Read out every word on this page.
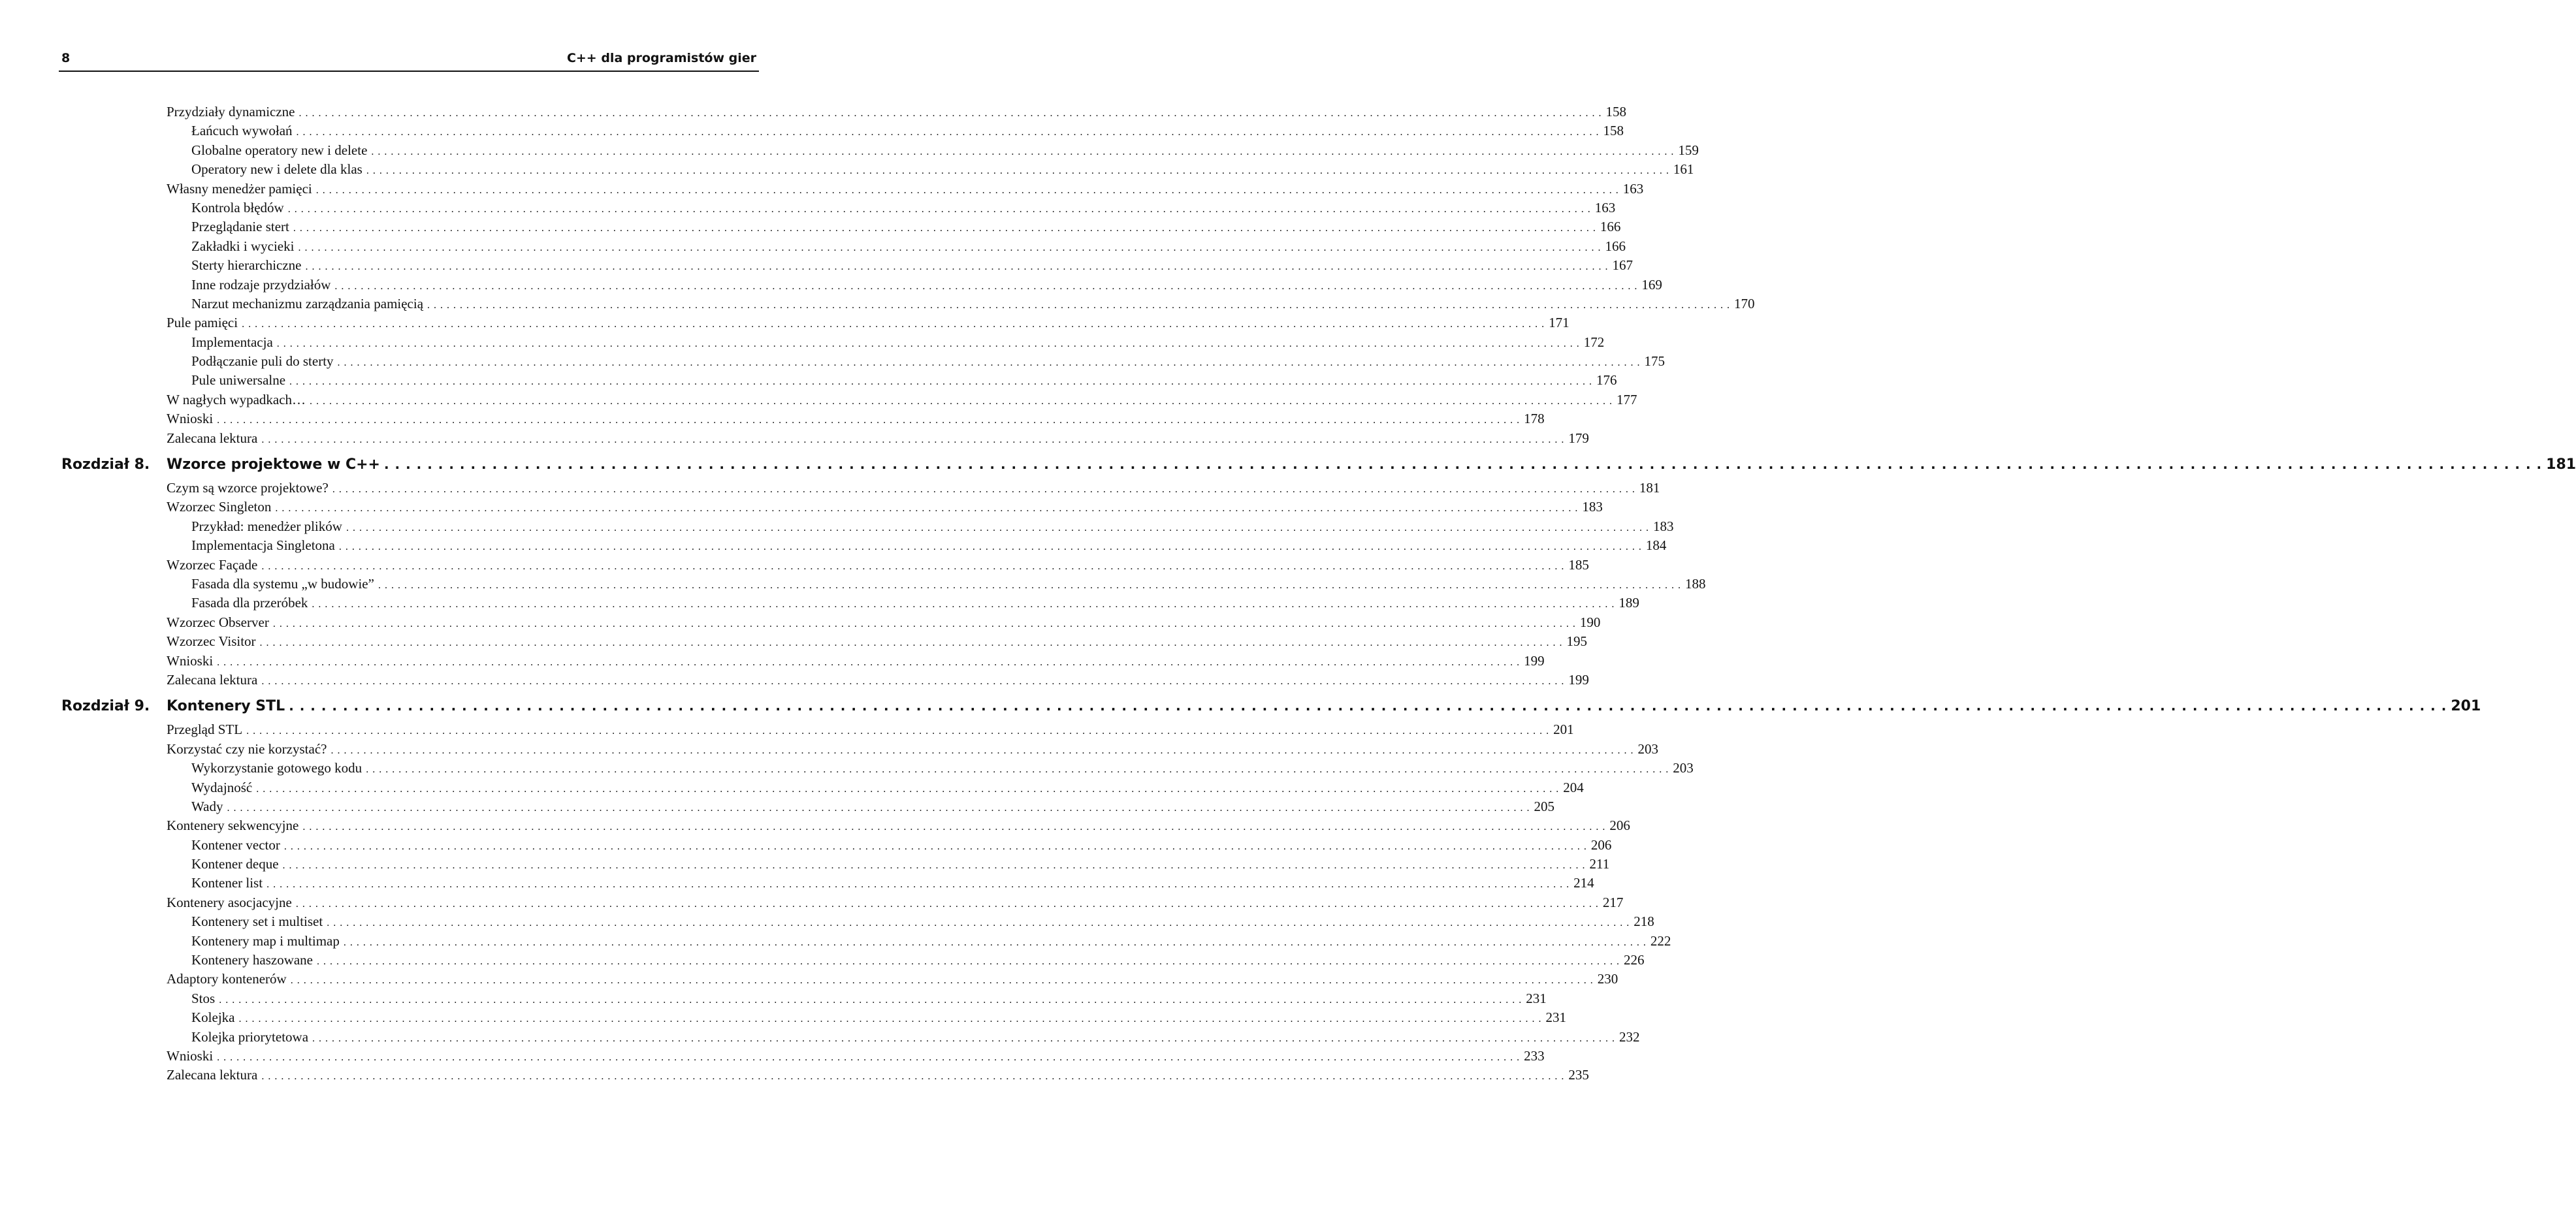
8	C++ dla programistów gier
Przydziały dynamiczne . . . . . . . . . . . . . . . . . . . . . . . . . . . . . . . . . . . . . . . . . . . . . . . . . . . . . . . . . . . . . . . . . . . . . . . . . . . . . . . . . . . . . . . . . . . . . . . . . . . . . . . . . . . . . . . . . . . . . . . . . . . . . . . . . . . . . . . . . . . . . . . . . . . . . . . . . . . . . . . . . . . . . . . . . . . . . . . . . . . . . . . . . . . . . . . . . . . . . . . . 158
Łańcuch wywołań . . . . . . . . . . . . . . . . . . . . . . . . . . . . . . . . . . . . . . . . . . . . . . . . . . . . . . . . . . . . . . . . . . . . . . . . . . . . . . . . . . . . . . . . . . . . . . . . . . . . . . . . . . . . . . . . . . . . . . . . . . . . . . . . . . . . . . . . . . . . . . . . . . . . . . . . . . . . . . . . . . . . . . . . . . . . . . . . . . . . . . . . . . . . . . . . . . . . . . . . 158
Globalne operatory new i delete . . . . . . . . . . . . . . . . . . . . . . . . . . . . . . . . . . . . . . . . . . . . . . . . . . . . . . . . . . . . . . . . . . . . . . . . . . . . . . . . . . . . . . . . . . . . . . . . . . . . . . . . . . . . . . . . . . . . . . . . . . . . . . . . . . . . . . . . . . . . . . . . . . . . . . . . . . . . . . . . . . . . . . . . . . . . . . . . . . . . . . . . . . . . . . . . . . . . . . . . 159
Operatory new i delete dla klas . . . . . . . . . . . . . . . . . . . . . . . . . . . . . . . . . . . . . . . . . . . . . . . . . . . . . . . . . . . . . . . . . . . . . . . . . . . . . . . . . . . . . . . . . . . . . . . . . . . . . . . . . . . . . . . . . . . . . . . . . . . . . . . . . . . . . . . . . . . . . . . . . . . . . . . . . . . . . . . . . . . . . . . . . . . . . . . . . . . . . . . . . . . . . . . . . . . . . . . . 161
Własny menedżer pamięci . . . . . . . . . . . . . . . . . . . . . . . . . . . . . . . . . . . . . . . . . . . . . . . . . . . . . . . . . . . . . . . . . . . . . . . . . . . . . . . . . . . . . . . . . . . . . . . . . . . . . . . . . . . . . . . . . . . . . . . . . . . . . . . . . . . . . . . . . . . . . . . . . . . . . . . . . . . . . . . . . . . . . . . . . . . . . . . . . . . . . . . . . . . . . . . . . . . . . . . . 163
Kontrola błędów . . . . . . . . . . . . . . . . . . . . . . . . . . . . . . . . . . . . . . . . . . . . . . . . . . . . . . . . . . . . . . . . . . . . . . . . . . . . . . . . . . . . . . . . . . . . . . . . . . . . . . . . . . . . . . . . . . . . . . . . . . . . . . . . . . . . . . . . . . . . . . . . . . . . . . . . . . . . . . . . . . . . . . . . . . . . . . . . . . . . . . . . . . . . . . . . . . . . . . . . 163
Przeglądanie stert . . . . . . . . . . . . . . . . . . . . . . . . . . . . . . . . . . . . . . . . . . . . . . . . . . . . . . . . . . . . . . . . . . . . . . . . . . . . . . . . . . . . . . . . . . . . . . . . . . . . . . . . . . . . . . . . . . . . . . . . . . . . . . . . . . . . . . . . . . . . . . . . . . . . . . . . . . . . . . . . . . . . . . . . . . . . . . . . . . . . . . . . . . . . . . . . . . . . . . . . 166
Zakładki i wycieki . . . . . . . . . . . . . . . . . . . . . . . . . . . . . . . . . . . . . . . . . . . . . . . . . . . . . . . . . . . . . . . . . . . . . . . . . . . . . . . . . . . . . . . . . . . . . . . . . . . . . . . . . . . . . . . . . . . . . . . . . . . . . . . . . . . . . . . . . . . . . . . . . . . . . . . . . . . . . . . . . . . . . . . . . . . . . . . . . . . . . . . . . . . . . . . . . . . . . . . . 166
Sterty hierarchiczne . . . . . . . . . . . . . . . . . . . . . . . . . . . . . . . . . . . . . . . . . . . . . . . . . . . . . . . . . . . . . . . . . . . . . . . . . . . . . . . . . . . . . . . . . . . . . . . . . . . . . . . . . . . . . . . . . . . . . . . . . . . . . . . . . . . . . . . . . . . . . . . . . . . . . . . . . . . . . . . . . . . . . . . . . . . . . . . . . . . . . . . . . . . . . . . . . . . . . . . . 167
Inne rodzaje przydziałów . . . . . . . . . . . . . . . . . . . . . . . . . . . . . . . . . . . . . . . . . . . . . . . . . . . . . . . . . . . . . . . . . . . . . . . . . . . . . . . . . . . . . . . . . . . . . . . . . . . . . . . . . . . . . . . . . . . . . . . . . . . . . . . . . . . . . . . . . . . . . . . . . . . . . . . . . . . . . . . . . . . . . . . . . . . . . . . . . . . . . . . . . . . . . . . . . . . . . . . . 169
Narzut mechanizmu zarządzania pamięcią . . . . . . . . . . . . . . . . . . . . . . . . . . . . . . . . . . . . . . . . . . . . . . . . . . . . . . . . . . . . . . . . . . . . . . . . . . . . . . . . . . . . . . . . . . . . . . . . . . . . . . . . . . . . . . . . . . . . . . . . . . . . . . . . . . . . . . . . . . . . . . . . . . . . . . . . . . . . . . . . . . . . . . . . . . . . . . . . . . . . . . . . . . . . . . . . . . . . . . . . 170
Pule pamięci . . . . . . . . . . . . . . . . . . . . . . . . . . . . . . . . . . . . . . . . . . . . . . . . . . . . . . . . . . . . . . . . . . . . . . . . . . . . . . . . . . . . . . . . . . . . . . . . . . . . . . . . . . . . . . . . . . . . . . . . . . . . . . . . . . . . . . . . . . . . . . . . . . . . . . . . . . . . . . . . . . . . . . . . . . . . . . . . . . . . . . . . . . . . . . . . . . . . . . . . 171
Implementacja . . . . . . . . . . . . . . . . . . . . . . . . . . . . . . . . . . . . . . . . . . . . . . . . . . . . . . . . . . . . . . . . . . . . . . . . . . . . . . . . . . . . . . . . . . . . . . . . . . . . . . . . . . . . . . . . . . . . . . . . . . . . . . . . . . . . . . . . . . . . . . . . . . . . . . . . . . . . . . . . . . . . . . . . . . . . . . . . . . . . . . . . . . . . . . . . . . . . . . . . 172
Podłączanie puli do sterty . . . . . . . . . . . . . . . . . . . . . . . . . . . . . . . . . . . . . . . . . . . . . . . . . . . . . . . . . . . . . . . . . . . . . . . . . . . . . . . . . . . . . . . . . . . . . . . . . . . . . . . . . . . . . . . . . . . . . . . . . . . . . . . . . . . . . . . . . . . . . . . . . . . . . . . . . . . . . . . . . . . . . . . . . . . . . . . . . . . . . . . . . . . . . . . . . . . . . . . . 175
Pule uniwersalne . . . . . . . . . . . . . . . . . . . . . . . . . . . . . . . . . . . . . . . . . . . . . . . . . . . . . . . . . . . . . . . . . . . . . . . . . . . . . . . . . . . . . . . . . . . . . . . . . . . . . . . . . . . . . . . . . . . . . . . . . . . . . . . . . . . . . . . . . . . . . . . . . . . . . . . . . . . . . . . . . . . . . . . . . . . . . . . . . . . . . . . . . . . . . . . . . . . . . . . . 176
W nagłych wypadkach… . . . . . . . . . . . . . . . . . . . . . . . . . . . . . . . . . . . . . . . . . . . . . . . . . . . . . . . . . . . . . . . . . . . . . . . . . . . . . . . . . . . . . . . . . . . . . . . . . . . . . . . . . . . . . . . . . . . . . . . . . . . . . . . . . . . . . . . . . . . . . . . . . . . . . . . . . . . . . . . . . . . . . . . . . . . . . . . . . . . . . . . . . . . . . . . . . . . . . . . . 177
Wnioski . . . . . . . . . . . . . . . . . . . . . . . . . . . . . . . . . . . . . . . . . . . . . . . . . . . . . . . . . . . . . . . . . . . . . . . . . . . . . . . . . . . . . . . . . . . . . . . . . . . . . . . . . . . . . . . . . . . . . . . . . . . . . . . . . . . . . . . . . . . . . . . . . . . . . . . . . . . . . . . . . . . . . . . . . . . . . . . . . . . . . . . . . . . . . . . . . . . . . . . . 178
Zalecana lektura . . . . . . . . . . . . . . . . . . . . . . . . . . . . . . . . . . . . . . . . . . . . . . . . . . . . . . . . . . . . . . . . . . . . . . . . . . . . . . . . . . . . . . . . . . . . . . . . . . . . . . . . . . . . . . . . . . . . . . . . . . . . . . . . . . . . . . . . . . . . . . . . . . . . . . . . . . . . . . . . . . . . . . . . . . . . . . . . . . . . . . . . . . . . . . . . . . . . . . . . 179
Rozdział 8. Wzorce projektowe w C++ . . . . . . . . . . . . . . . . . . . . . . . . . . . . . . . . . . . . . . . . . . . . . . . . . . . . . . . . . . . . . . . . . . . . . . . . . . . . . . . . . . . . . . . . . . . . . . . . . . . . . . . . . . . . . . . . . . . . . . . . . . . . . . . . . . . . . . . . . . . . . . . . . . . . . . . . . . . . . . . . . . . . . . . . . . . . . . . . . . . . . . . . . . . . . . . . . . . . . . . . 181
Czym są wzorce projektowe? . . . . . . . . . . . . . . . . . . . . . . . . . . . . . . . . . . . . . . . . . . . . . . . . . . . . . . . . . . . . . . . . . . . . . . . . . . . . . . . . . . . . . . . . . . . . . . . . . . . . . . . . . . . . . . . . . . . . . . . . . . . . . . . . . . . . . . . . . . . . . . . . . . . . . . . . . . . . . . . . . . . . . . . . . . . . . . . . . . . . . . . . . . . . . . . . . . . . . . . . 181
Wzorzec Singleton . . . . . . . . . . . . . . . . . . . . . . . . . . . . . . . . . . . . . . . . . . . . . . . . . . . . . . . . . . . . . . . . . . . . . . . . . . . . . . . . . . . . . . . . . . . . . . . . . . . . . . . . . . . . . . . . . . . . . . . . . . . . . . . . . . . . . . . . . . . . . . . . . . . . . . . . . . . . . . . . . . . . . . . . . . . . . . . . . . . . . . . . . . . . . . . . . . . . . . . . 183
Przykład: menedżer plików . . . . . . . . . . . . . . . . . . . . . . . . . . . . . . . . . . . . . . . . . . . . . . . . . . . . . . . . . . . . . . . . . . . . . . . . . . . . . . . . . . . . . . . . . . . . . . . . . . . . . . . . . . . . . . . . . . . . . . . . . . . . . . . . . . . . . . . . . . . . . . . . . . . . . . . . . . . . . . . . . . . . . . . . . . . . . . . . . . . . . . . . . . . . . . . . . . . . . . . . 183
Implementacja Singletona . . . . . . . . . . . . . . . . . . . . . . . . . . . . . . . . . . . . . . . . . . . . . . . . . . . . . . . . . . . . . . . . . . . . . . . . . . . . . . . . . . . . . . . . . . . . . . . . . . . . . . . . . . . . . . . . . . . . . . . . . . . . . . . . . . . . . . . . . . . . . . . . . . . . . . . . . . . . . . . . . . . . . . . . . . . . . . . . . . . . . . . . . . . . . . . . . . . . . . . . 184
Wzorzec Façade . . . . . . . . . . . . . . . . . . . . . . . . . . . . . . . . . . . . . . . . . . . . . . . . . . . . . . . . . . . . . . . . . . . . . . . . . . . . . . . . . . . . . . . . . . . . . . . . . . . . . . . . . . . . . . . . . . . . . . . . . . . . . . . . . . . . . . . . . . . . . . . . . . . . . . . . . . . . . . . . . . . . . . . . . . . . . . . . . . . . . . . . . . . . . . . . . . . . . . . . 185
Fasada dla systemu „w budowie” . . . . . . . . . . . . . . . . . . . . . . . . . . . . . . . . . . . . . . . . . . . . . . . . . . . . . . . . . . . . . . . . . . . . . . . . . . . . . . . . . . . . . . . . . . . . . . . . . . . . . . . . . . . . . . . . . . . . . . . . . . . . . . . . . . . . . . . . . . . . . . . . . . . . . . . . . . . . . . . . . . . . . . . . . . . . . . . . . . . . . . . . . . . . . . . . . . . . . . . . 188
Fasada dla przeróbek . . . . . . . . . . . . . . . . . . . . . . . . . . . . . . . . . . . . . . . . . . . . . . . . . . . . . . . . . . . . . . . . . . . . . . . . . . . . . . . . . . . . . . . . . . . . . . . . . . . . . . . . . . . . . . . . . . . . . . . . . . . . . . . . . . . . . . . . . . . . . . . . . . . . . . . . . . . . . . . . . . . . . . . . . . . . . . . . . . . . . . . . . . . . . . . . . . . . . . . . 189
Wzorzec Observer . . . . . . . . . . . . . . . . . . . . . . . . . . . . . . . . . . . . . . . . . . . . . . . . . . . . . . . . . . . . . . . . . . . . . . . . . . . . . . . . . . . . . . . . . . . . . . . . . . . . . . . . . . . . . . . . . . . . . . . . . . . . . . . . . . . . . . . . . . . . . . . . . . . . . . . . . . . . . . . . . . . . . . . . . . . . . . . . . . . . . . . . . . . . . . . . . . . . . . . . 190
Wzorzec Visitor . . . . . . . . . . . . . . . . . . . . . . . . . . . . . . . . . . . . . . . . . . . . . . . . . . . . . . . . . . . . . . . . . . . . . . . . . . . . . . . . . . . . . . . . . . . . . . . . . . . . . . . . . . . . . . . . . . . . . . . . . . . . . . . . . . . . . . . . . . . . . . . . . . . . . . . . . . . . . . . . . . . . . . . . . . . . . . . . . . . . . . . . . . . . . . . . . . . . . . . . 195
Wnioski . . . . . . . . . . . . . . . . . . . . . . . . . . . . . . . . . . . . . . . . . . . . . . . . . . . . . . . . . . . . . . . . . . . . . . . . . . . . . . . . . . . . . . . . . . . . . . . . . . . . . . . . . . . . . . . . . . . . . . . . . . . . . . . . . . . . . . . . . . . . . . . . . . . . . . . . . . . . . . . . . . . . . . . . . . . . . . . . . . . . . . . . . . . . . . . . . . . . . . . . 199
Zalecana lektura . . . . . . . . . . . . . . . . . . . . . . . . . . . . . . . . . . . . . . . . . . . . . . . . . . . . . . . . . . . . . . . . . . . . . . . . . . . . . . . . . . . . . . . . . . . . . . . . . . . . . . . . . . . . . . . . . . . . . . . . . . . . . . . . . . . . . . . . . . . . . . . . . . . . . . . . . . . . . . . . . . . . . . . . . . . . . . . . . . . . . . . . . . . . . . . . . . . . . . . . 199
Rozdział 9. Kontenery STL . . . . . . . . . . . . . . . . . . . . . . . . . . . . . . . . . . . . . . . . . . . . . . . . . . . . . . . . . . . . . . . . . . . . . . . . . . . . . . . . . . . . . . . . . . . . . . . . . . . . . . . . . . . . . . . . . . . . . . . . . . . . . . . . . . . . . . . . . . . . . . . . . . . . . . . . . . . . . . . . . . . . . . . . . . . . . . . . . . . . . . . . . . . . . . . . . . . . . . . . 201
Przegląd STL . . . . . . . . . . . . . . . . . . . . . . . . . . . . . . . . . . . . . . . . . . . . . . . . . . . . . . . . . . . . . . . . . . . . . . . . . . . . . . . . . . . . . . . . . . . . . . . . . . . . . . . . . . . . . . . . . . . . . . . . . . . . . . . . . . . . . . . . . . . . . . . . . . . . . . . . . . . . . . . . . . . . . . . . . . . . . . . . . . . . . . . . . . . . . . . . . . . . . . . . 201
Korzystać czy nie korzystać? . . . . . . . . . . . . . . . . . . . . . . . . . . . . . . . . . . . . . . . . . . . . . . . . . . . . . . . . . . . . . . . . . . . . . . . . . . . . . . . . . . . . . . . . . . . . . . . . . . . . . . . . . . . . . . . . . . . . . . . . . . . . . . . . . . . . . . . . . . . . . . . . . . . . . . . . . . . . . . . . . . . . . . . . . . . . . . . . . . . . . . . . . . . . . . . . . . . . . . . . 203
Wykorzystanie gotowego kodu . . . . . . . . . . . . . . . . . . . . . . . . . . . . . . . . . . . . . . . . . . . . . . . . . . . . . . . . . . . . . . . . . . . . . . . . . . . . . . . . . . . . . . . . . . . . . . . . . . . . . . . . . . . . . . . . . . . . . . . . . . . . . . . . . . . . . . . . . . . . . . . . . . . . . . . . . . . . . . . . . . . . . . . . . . . . . . . . . . . . . . . . . . . . . . . . . . . . . . . . 203
Wydajność . . . . . . . . . . . . . . . . . . . . . . . . . . . . . . . . . . . . . . . . . . . . . . . . . . . . . . . . . . . . . . . . . . . . . . . . . . . . . . . . . . . . . . . . . . . . . . . . . . . . . . . . . . . . . . . . . . . . . . . . . . . . . . . . . . . . . . . . . . . . . . . . . . . . . . . . . . . . . . . . . . . . . . . . . . . . . . . . . . . . . . . . . . . . . . . . . . . . . . . . 204
Wady . . . . . . . . . . . . . . . . . . . . . . . . . . . . . . . . . . . . . . . . . . . . . . . . . . . . . . . . . . . . . . . . . . . . . . . . . . . . . . . . . . . . . . . . . . . . . . . . . . . . . . . . . . . . . . . . . . . . . . . . . . . . . . . . . . . . . . . . . . . . . . . . . . . . . . . . . . . . . . . . . . . . . . . . . . . . . . . . . . . . . . . . . . . . . . . . . . . . . . . . 205
Kontenery sekwencyjne . . . . . . . . . . . . . . . . . . . . . . . . . . . . . . . . . . . . . . . . . . . . . . . . . . . . . . . . . . . . . . . . . . . . . . . . . . . . . . . . . . . . . . . . . . . . . . . . . . . . . . . . . . . . . . . . . . . . . . . . . . . . . . . . . . . . . . . . . . . . . . . . . . . . . . . . . . . . . . . . . . . . . . . . . . . . . . . . . . . . . . . . . . . . . . . . . . . . . . . . 206
Kontener vector . . . . . . . . . . . . . . . . . . . . . . . . . . . . . . . . . . . . . . . . . . . . . . . . . . . . . . . . . . . . . . . . . . . . . . . . . . . . . . . . . . . . . . . . . . . . . . . . . . . . . . . . . . . . . . . . . . . . . . . . . . . . . . . . . . . . . . . . . . . . . . . . . . . . . . . . . . . . . . . . . . . . . . . . . . . . . . . . . . . . . . . . . . . . . . . . . . . . . . . . 206
Kontener deque . . . . . . . . . . . . . . . . . . . . . . . . . . . . . . . . . . . . . . . . . . . . . . . . . . . . . . . . . . . . . . . . . . . . . . . . . . . . . . . . . . . . . . . . . . . . . . . . . . . . . . . . . . . . . . . . . . . . . . . . . . . . . . . . . . . . . . . . . . . . . . . . . . . . . . . . . . . . . . . . . . . . . . . . . . . . . . . . . . . . . . . . . . . . . . . . . . . . . . . . 211
Kontener list . . . . . . . . . . . . . . . . . . . . . . . . . . . . . . . . . . . . . . . . . . . . . . . . . . . . . . . . . . . . . . . . . . . . . . . . . . . . . . . . . . . . . . . . . . . . . . . . . . . . . . . . . . . . . . . . . . . . . . . . . . . . . . . . . . . . . . . . . . . . . . . . . . . . . . . . . . . . . . . . . . . . . . . . . . . . . . . . . . . . . . . . . . . . . . . . . . . . . . . . 214
Kontenery asocjacyjne . . . . . . . . . . . . . . . . . . . . . . . . . . . . . . . . . . . . . . . . . . . . . . . . . . . . . . . . . . . . . . . . . . . . . . . . . . . . . . . . . . . . . . . . . . . . . . . . . . . . . . . . . . . . . . . . . . . . . . . . . . . . . . . . . . . . . . . . . . . . . . . . . . . . . . . . . . . . . . . . . . . . . . . . . . . . . . . . . . . . . . . . . . . . . . . . . . . . . . . . 217
Kontenery set i multiset . . . . . . . . . . . . . . . . . . . . . . . . . . . . . . . . . . . . . . . . . . . . . . . . . . . . . . . . . . . . . . . . . . . . . . . . . . . . . . . . . . . . . . . . . . . . . . . . . . . . . . . . . . . . . . . . . . . . . . . . . . . . . . . . . . . . . . . . . . . . . . . . . . . . . . . . . . . . . . . . . . . . . . . . . . . . . . . . . . . . . . . . . . . . . . . . . . . . . . . . 218
Kontenery map i multimap . . . . . . . . . . . . . . . . . . . . . . . . . . . . . . . . . . . . . . . . . . . . . . . . . . . . . . . . . . . . . . . . . . . . . . . . . . . . . . . . . . . . . . . . . . . . . . . . . . . . . . . . . . . . . . . . . . . . . . . . . . . . . . . . . . . . . . . . . . . . . . . . . . . . . . . . . . . . . . . . . . . . . . . . . . . . . . . . . . . . . . . . . . . . . . . . . . . . . . . . 222
Kontenery haszowane . . . . . . . . . . . . . . . . . . . . . . . . . . . . . . . . . . . . . . . . . . . . . . . . . . . . . . . . . . . . . . . . . . . . . . . . . . . . . . . . . . . . . . . . . . . . . . . . . . . . . . . . . . . . . . . . . . . . . . . . . . . . . . . . . . . . . . . . . . . . . . . . . . . . . . . . . . . . . . . . . . . . . . . . . . . . . . . . . . . . . . . . . . . . . . . . . . . . . . . . 226
Adaptory kontenerów . . . . . . . . . . . . . . . . . . . . . . . . . . . . . . . . . . . . . . . . . . . . . . . . . . . . . . . . . . . . . . . . . . . . . . . . . . . . . . . . . . . . . . . . . . . . . . . . . . . . . . . . . . . . . . . . . . . . . . . . . . . . . . . . . . . . . . . . . . . . . . . . . . . . . . . . . . . . . . . . . . . . . . . . . . . . . . . . . . . . . . . . . . . . . . . . . . . . . . . . 230
Stos . . . . . . . . . . . . . . . . . . . . . . . . . . . . . . . . . . . . . . . . . . . . . . . . . . . . . . . . . . . . . . . . . . . . . . . . . . . . . . . . . . . . . . . . . . . . . . . . . . . . . . . . . . . . . . . . . . . . . . . . . . . . . . . . . . . . . . . . . . . . . . . . . . . . . . . . . . . . . . . . . . . . . . . . . . . . . . . . . . . . . . . . . . . . . . . . . . . . . . . . 231
Kolejka . . . . . . . . . . . . . . . . . . . . . . . . . . . . . . . . . . . . . . . . . . . . . . . . . . . . . . . . . . . . . . . . . . . . . . . . . . . . . . . . . . . . . . . . . . . . . . . . . . . . . . . . . . . . . . . . . . . . . . . . . . . . . . . . . . . . . . . . . . . . . . . . . . . . . . . . . . . . . . . . . . . . . . . . . . . . . . . . . . . . . . . . . . . . . . . . . . . . . . . . 231
Kolejka priorytetowa . . . . . . . . . . . . . . . . . . . . . . . . . . . . . . . . . . . . . . . . . . . . . . . . . . . . . . . . . . . . . . . . . . . . . . . . . . . . . . . . . . . . . . . . . . . . . . . . . . . . . . . . . . . . . . . . . . . . . . . . . . . . . . . . . . . . . . . . . . . . . . . . . . . . . . . . . . . . . . . . . . . . . . . . . . . . . . . . . . . . . . . . . . . . . . . . . . . . . . . . 232
Wnioski . . . . . . . . . . . . . . . . . . . . . . . . . . . . . . . . . . . . . . . . . . . . . . . . . . . . . . . . . . . . . . . . . . . . . . . . . . . . . . . . . . . . . . . . . . . . . . . . . . . . . . . . . . . . . . . . . . . . . . . . . . . . . . . . . . . . . . . . . . . . . . . . . . . . . . . . . . . . . . . . . . . . . . . . . . . . . . . . . . . . . . . . . . . . . . . . . . . . . . . . 233
Zalecana lektura . . . . . . . . . . . . . . . . . . . . . . . . . . . . . . . . . . . . . . . . . . . . . . . . . . . . . . . . . . . . . . . . . . . . . . . . . . . . . . . . . . . . . . . . . . . . . . . . . . . . . . . . . . . . . . . . . . . . . . . . . . . . . . . . . . . . . . . . . . . . . . . . . . . . . . . . . . . . . . . . . . . . . . . . . . . . . . . . . . . . . . . . . . . . . . . . . . . . . . . . 235
